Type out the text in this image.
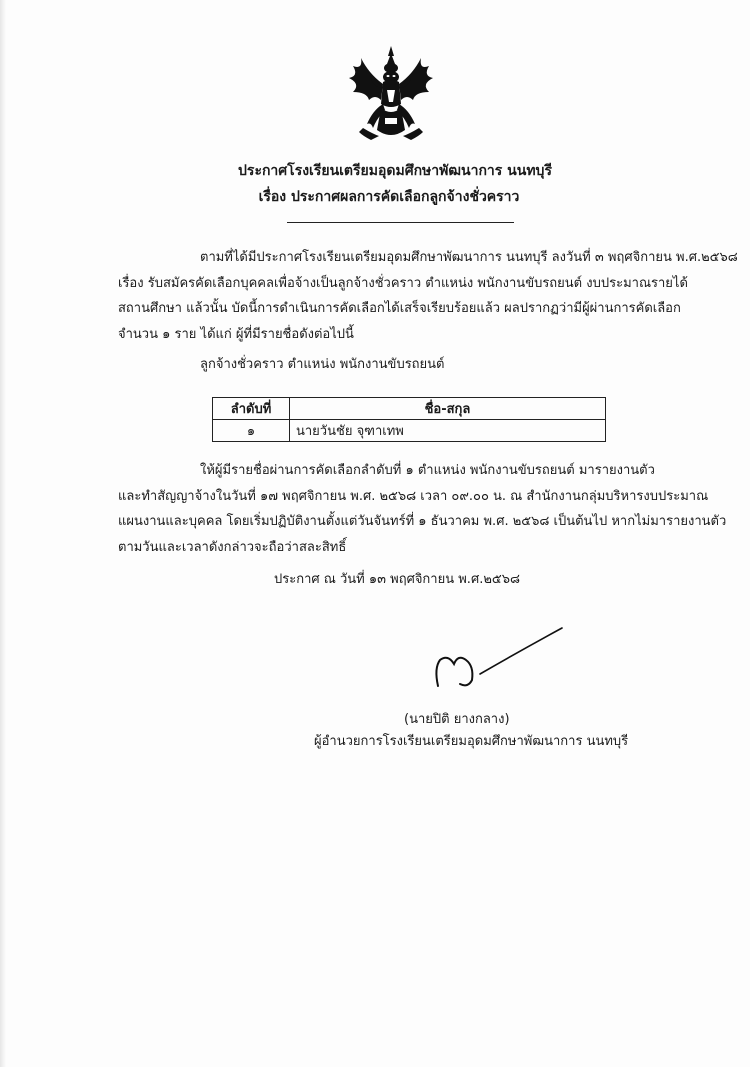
ประกาศโรงเรียนเตรียมอุดมศึกษาพัฒนาการ นนทบุรี
เรื่อง ประกาศผลการคัดเลือกลูกจ้างชั่วคราว
ตามที่ได้มีประกาศโรงเรียนเตรียมอุดมศึกษาพัฒนาการ นนทบุรี ลงวันที่ ๓ พฤศจิกายน พ.ศ.๒๕๖๘
เรื่อง รับสมัครคัดเลือกบุคคลเพื่อจ้างเป็นลูกจ้างชั่วคราว ตำแหน่ง พนักงานขับรถยนต์ งบประมาณรายได้
สถานศึกษา แล้วนั้น บัดนี้การดำเนินการคัดเลือกได้เสร็จเรียบร้อยแล้ว ผลปรากฏว่ามีผู้ผ่านการคัดเลือก
จำนวน ๑ ราย ได้แก่ ผู้ที่มีรายชื่อดังต่อไปนี้
ลูกจ้างชั่วคราว ตำแหน่ง พนักงานขับรถยนต์
ลำดับที่	ชื่อ-สกุล
๑	นายวันชัย จุฑาเทพ
ให้ผู้มีรายชื่อผ่านการคัดเลือกลำดับที่ ๑ ตำแหน่ง พนักงานขับรถยนต์ มารายงานตัว
และทำสัญญาจ้างในวันที่ ๑๗ พฤศจิกายน พ.ศ. ๒๕๖๘ เวลา ๐๙.๐๐ น. ณ สำนักงานกลุ่มบริหารงบประมาณ
แผนงานและบุคคล โดยเริ่มปฏิบัติงานตั้งแต่วันจันทร์ที่ ๑ ธันวาคม พ.ศ. ๒๕๖๘ เป็นต้นไป หากไม่มารายงานตัว
ตามวันและเวลาดังกล่าวจะถือว่าสละสิทธิ์
ประกาศ ณ วันที่ ๑๓ พฤศจิกายน พ.ศ.๒๕๖๘
(นายปิติ ยางกลาง)
ผู้อำนวยการโรงเรียนเตรียมอุดมศึกษาพัฒนาการ นนทบุรี
